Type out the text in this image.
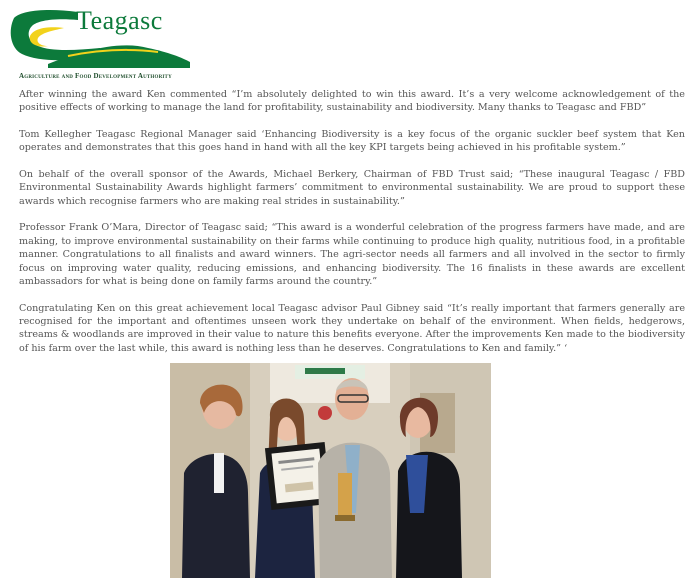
Teagasc
Agriculture and Food Development Authority

After winning the award Ken commented “I’m absolutely delighted to win this award. It’s a very welcome acknowledgement of the positive effects of working to manage the land for profitability, sustainability and biodiversity. Many thanks to Teagasc and FBD”

Tom Kellegher Teagasc Regional Manager said ‘Enhancing Biodiversity is a key focus of the organic suckler beef system that Ken operates and demonstrates that this goes hand in hand with all the key KPI targets being achieved in his profitable system.”

On behalf of the overall sponsor of the Awards, Michael Berkery, Chairman of FBD Trust said; “These inaugural Teagasc / FBD Environmental Sustainability Awards highlight farmers’ commitment to environmental sustainability. We are proud to support these awards which recognise farmers who are making real strides in sustainability.”

Professor Frank O’Mara, Director of Teagasc said; “This award is a wonderful celebration of the progress farmers have made, and are making, to improve environmental sustainability on their farms while continuing to produce high quality, nutritious food, in a profitable manner. Congratulations to all finalists and award winners. The agri-sector needs all farmers and all involved in the sector to firmly focus on improving water quality, reducing emissions, and enhancing biodiversity. The 16 finalists in these awards are excellent ambassadors for what is being done on family farms around the country.”

Congratulating Ken on this great achievement local Teagasc advisor Paul Gibney said “It’s really important that farmers generally are recognised for the important and oftentimes unseen work they undertake on behalf of the environment. When fields, hedgerows, streams & woodlands are improved in their value to nature this benefits everyone. After the improvements Ken made to the biodiversity of his farm over the last while, this award is nothing less than he deserves. Congratulations to Ken and family.” ‘
